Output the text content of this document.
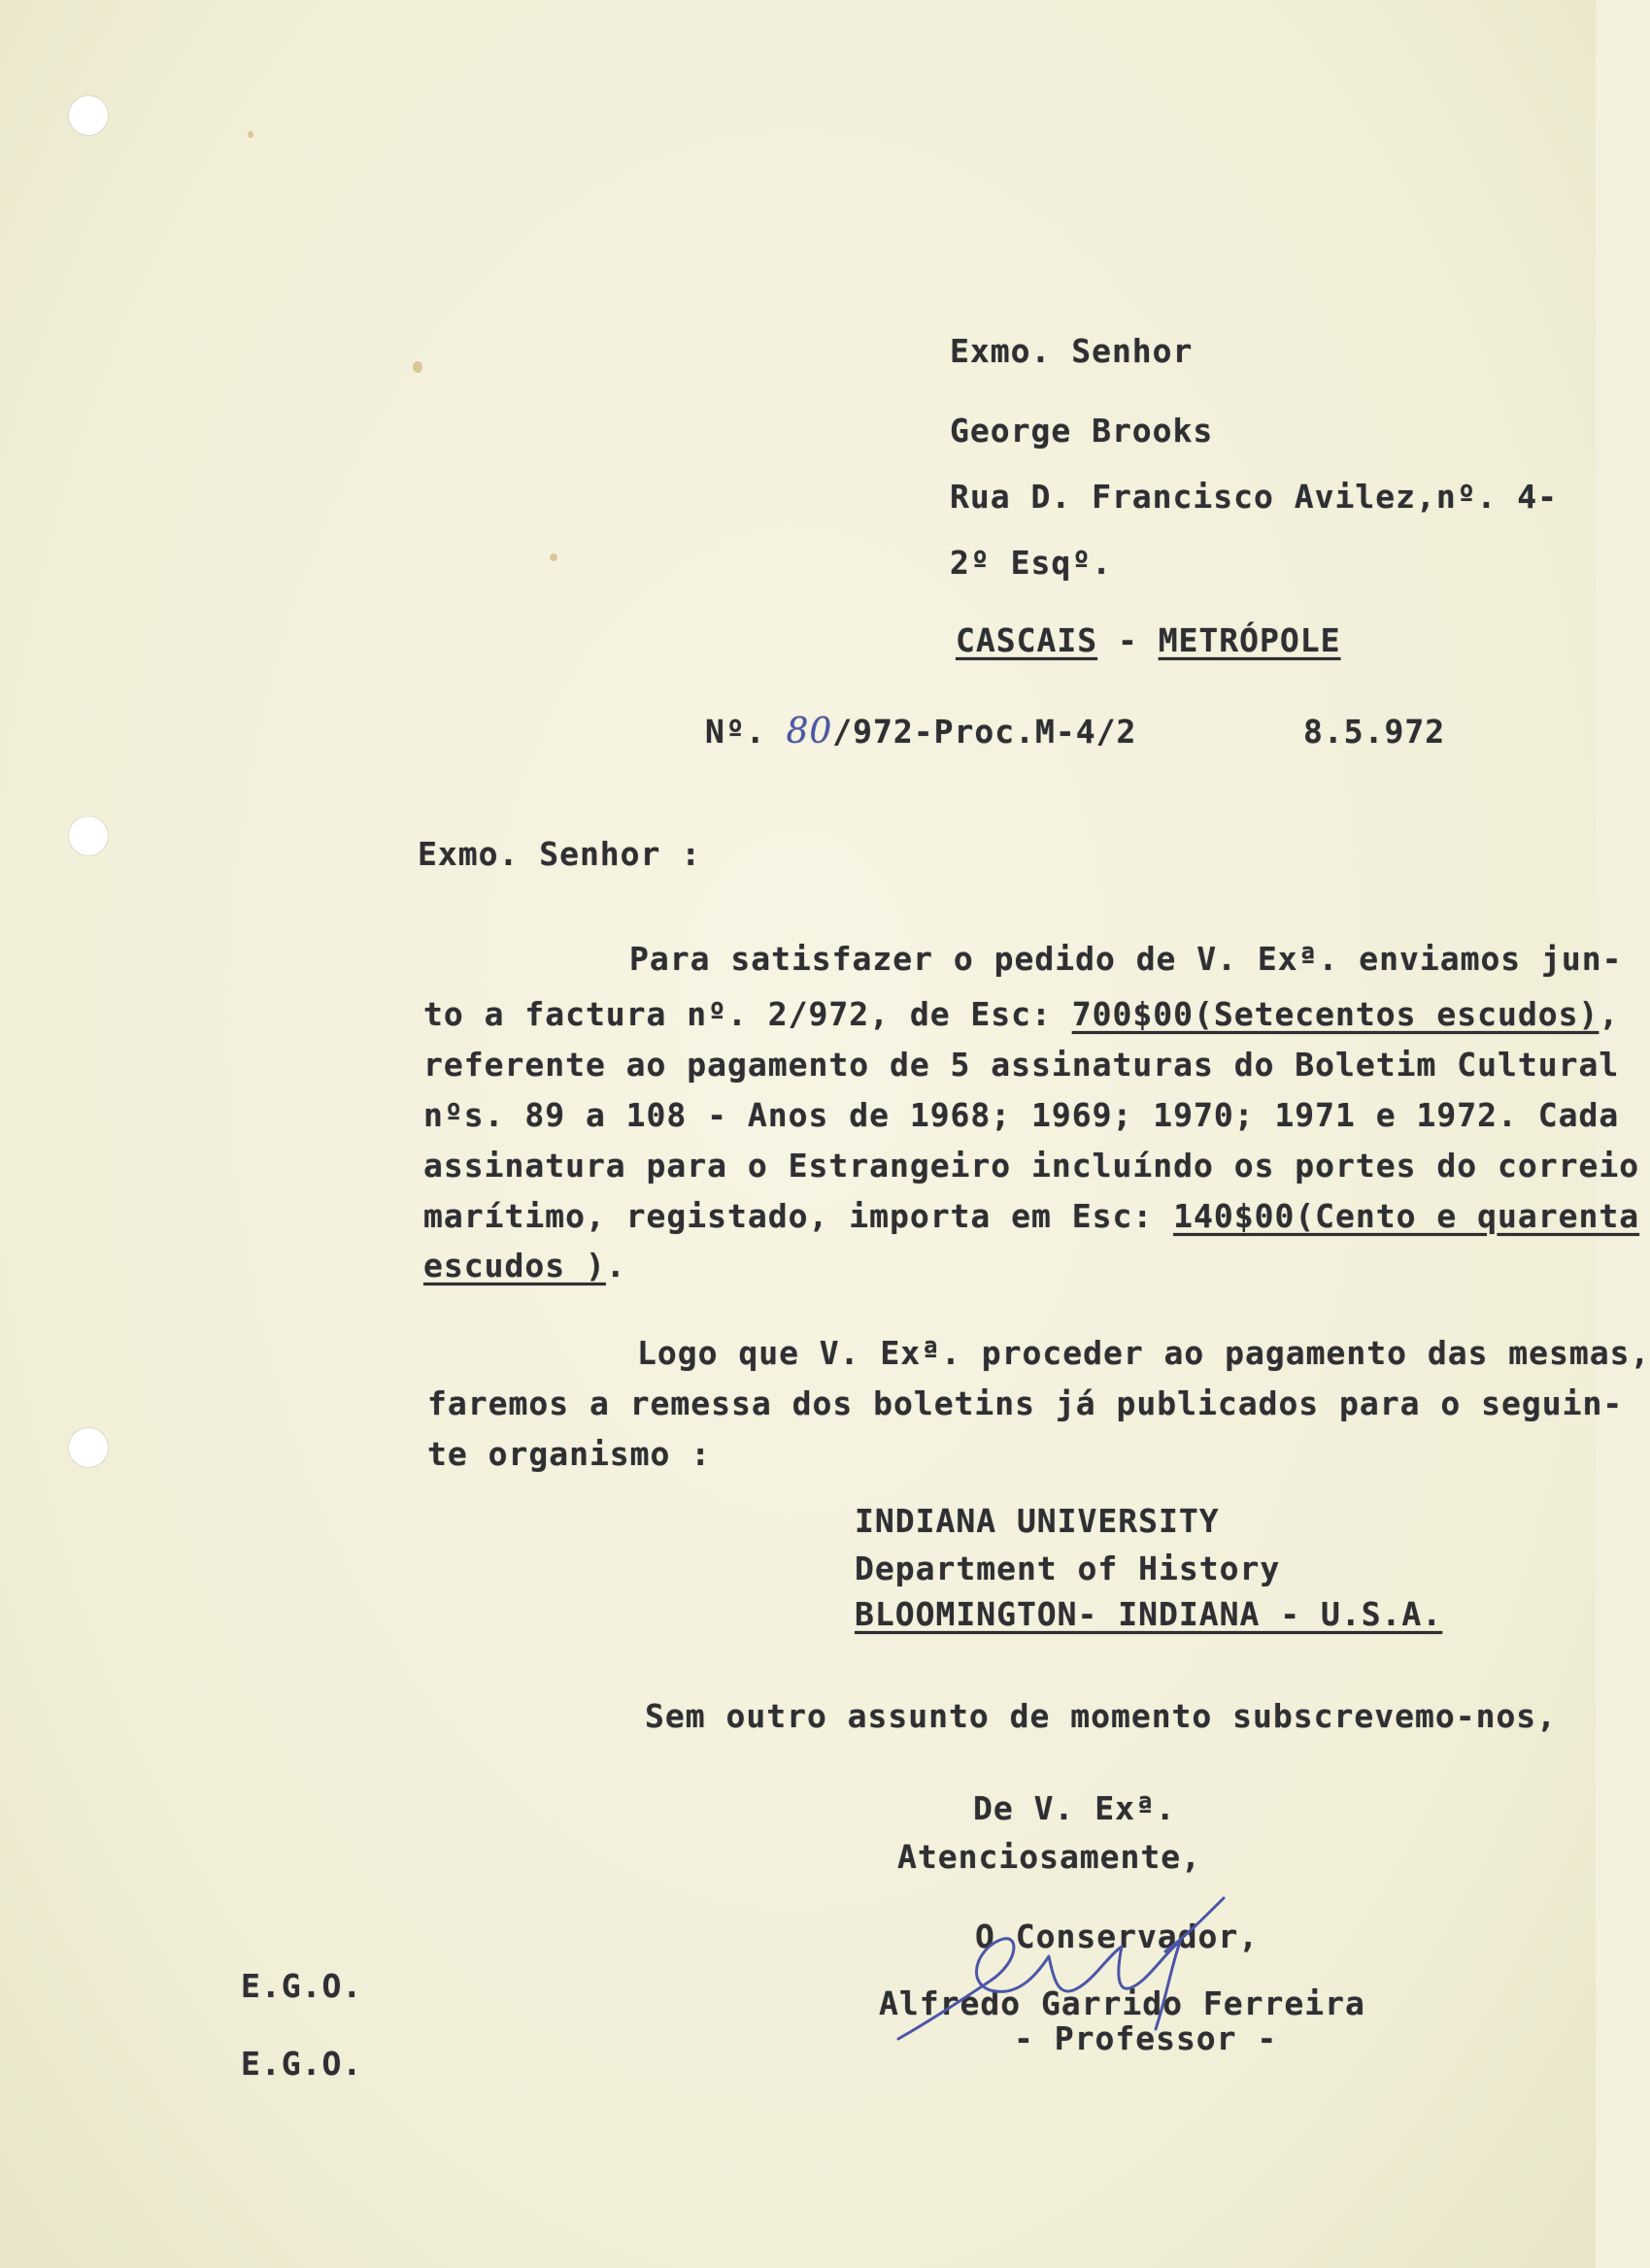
Exmo. Senhor
George Brooks
Rua D. Francisco Avilez,nº. 4-
2º Esqº.
CASCAIS - METRÓPOLE
Nº. 80/972-Proc.M-4/2	8.5.972
Exmo. Senhor :
Para satisfazer o pedido de V. Exª. enviamos jun-
to a factura nº. 2/972, de Esc: 700$00(Setecentos escudos),
referente ao pagamento de 5 assinaturas do Boletim Cultural
nºs. 89 a 108 - Anos de 1968; 1969; 1970; 1971 e 1972. Cada
assinatura para o Estrangeiro incluíndo os portes do correio
marítimo, registado, importa em Esc: 140$00(Cento e quarenta
escudos ).
Logo que V. Exª. proceder ao pagamento das mesmas,
faremos a remessa dos boletins já publicados para o seguin-
te organismo :
INDIANA UNIVERSITY
Department of History
BLOOMINGTON- INDIANA - U.S.A.
Sem outro assunto de momento subscrevemo-nos,
De V. Exª.
Atenciosamente,
O Conservador,
Alfredo Garrido Ferreira
- Professor -
E.G.O.
E.G.O.
